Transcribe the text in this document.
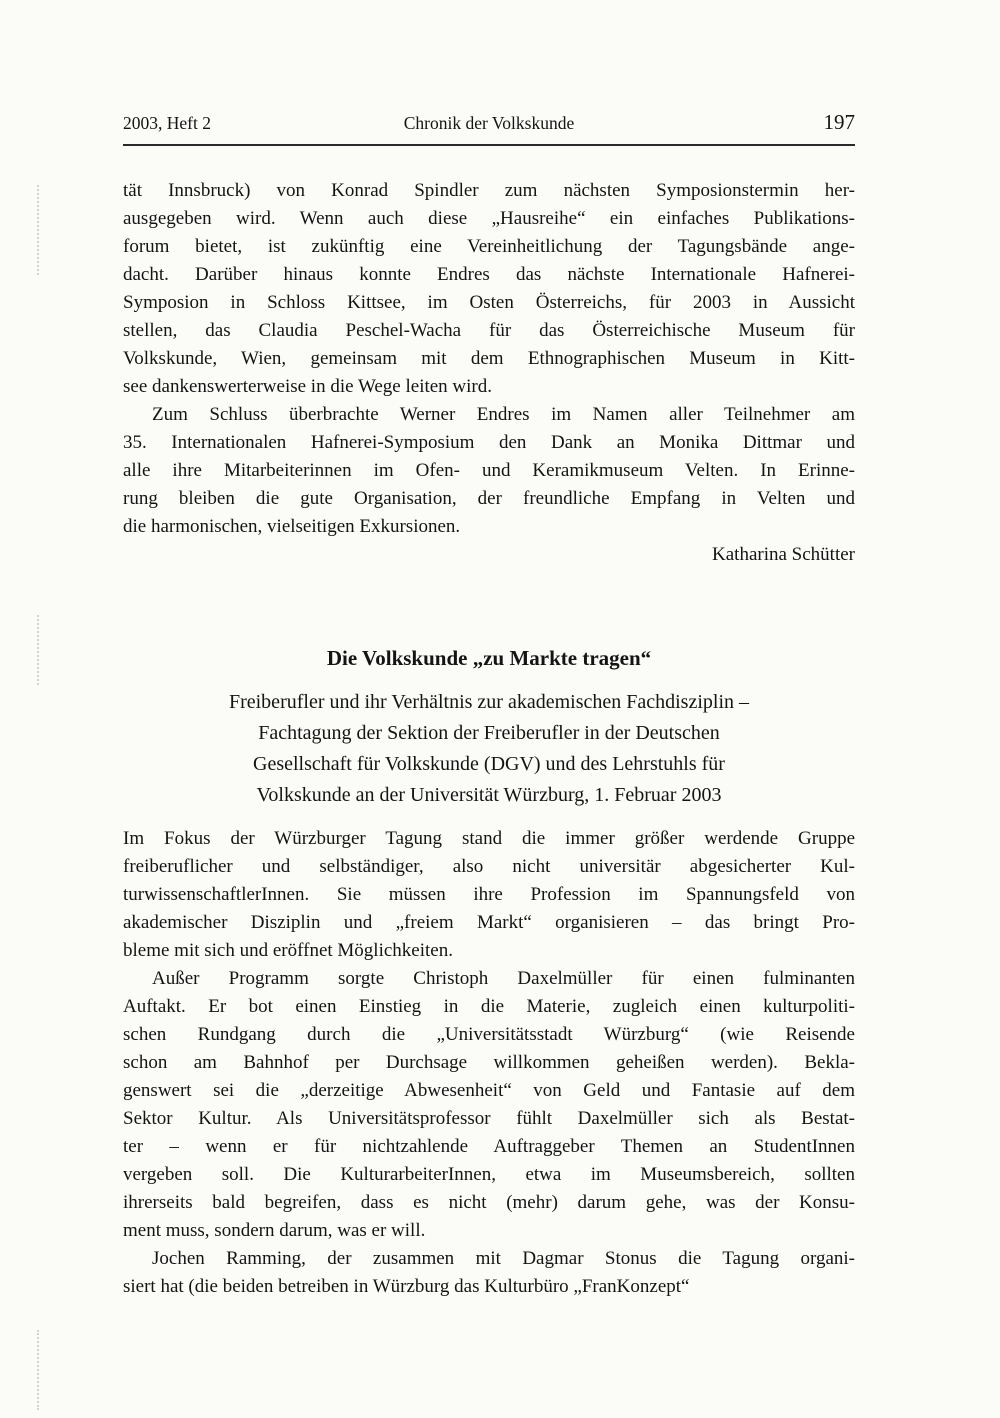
2003, Heft 2	Chronik der Volkskunde	197
tät Innsbruck) von Konrad Spindler zum nächsten Symposionstermin her-
ausgegeben wird. Wenn auch diese „Hausreihe“ ein einfaches Publikations-
forum bietet, ist zukünftig eine Vereinheitlichung der Tagungsbände ange-
dacht. Darüber hinaus konnte Endres das nächste Internationale Hafnerei-
Symposion in Schloss Kittsee, im Osten Österreichs, für 2003 in Aussicht
stellen, das Claudia Peschel-Wacha für das Österreichische Museum für
Volkskunde, Wien, gemeinsam mit dem Ethnographischen Museum in Kitt-
see dankenswerterweise in die Wege leiten wird.
Zum Schluss überbrachte Werner Endres im Namen aller Teilnehmer am
35. Internationalen Hafnerei-Symposium den Dank an Monika Dittmar und
alle ihre Mitarbeiterinnen im Ofen- und Keramikmuseum Velten. In Erinne-
rung bleiben die gute Organisation, der freundliche Empfang in Velten und
die harmonischen, vielseitigen Exkursionen.
Katharina Schütter
Die Volkskunde „zu Markte tragen“
Freiberufler und ihr Verhältnis zur akademischen Fachdisziplin –
Fachtagung der Sektion der Freiberufler in der Deutschen
Gesellschaft für Volkskunde (DGV) und des Lehrstuhls für
Volkskunde an der Universität Würzburg, 1. Februar 2003
Im Fokus der Würzburger Tagung stand die immer größer werdende Gruppe
freiberuflicher und selbständiger, also nicht universitär abgesicherter Kul-
turwissenschaftlerInnen. Sie müssen ihre Profession im Spannungsfeld von
akademischer Disziplin und „freiem Markt“ organisieren – das bringt Pro-
bleme mit sich und eröffnet Möglichkeiten.
Außer Programm sorgte Christoph Daxelmüller für einen fulminanten
Auftakt. Er bot einen Einstieg in die Materie, zugleich einen kulturpoliti-
schen Rundgang durch die „Universitätsstadt Würzburg“ (wie Reisende
schon am Bahnhof per Durchsage willkommen geheißen werden). Bekla-
genswert sei die „derzeitige Abwesenheit“ von Geld und Fantasie auf dem
Sektor Kultur. Als Universitätsprofessor fühlt Daxelmüller sich als Bestat-
ter – wenn er für nichtzahlende Auftraggeber Themen an StudentInnen
vergeben soll. Die KulturarbeiterInnen, etwa im Museumsbereich, sollten
ihrerseits bald begreifen, dass es nicht (mehr) darum gehe, was der Konsu-
ment muss, sondern darum, was er will.
Jochen Ramming, der zusammen mit Dagmar Stonus die Tagung organi-
siert hat (die beiden betreiben in Würzburg das Kulturbüro „FranKonzept“
